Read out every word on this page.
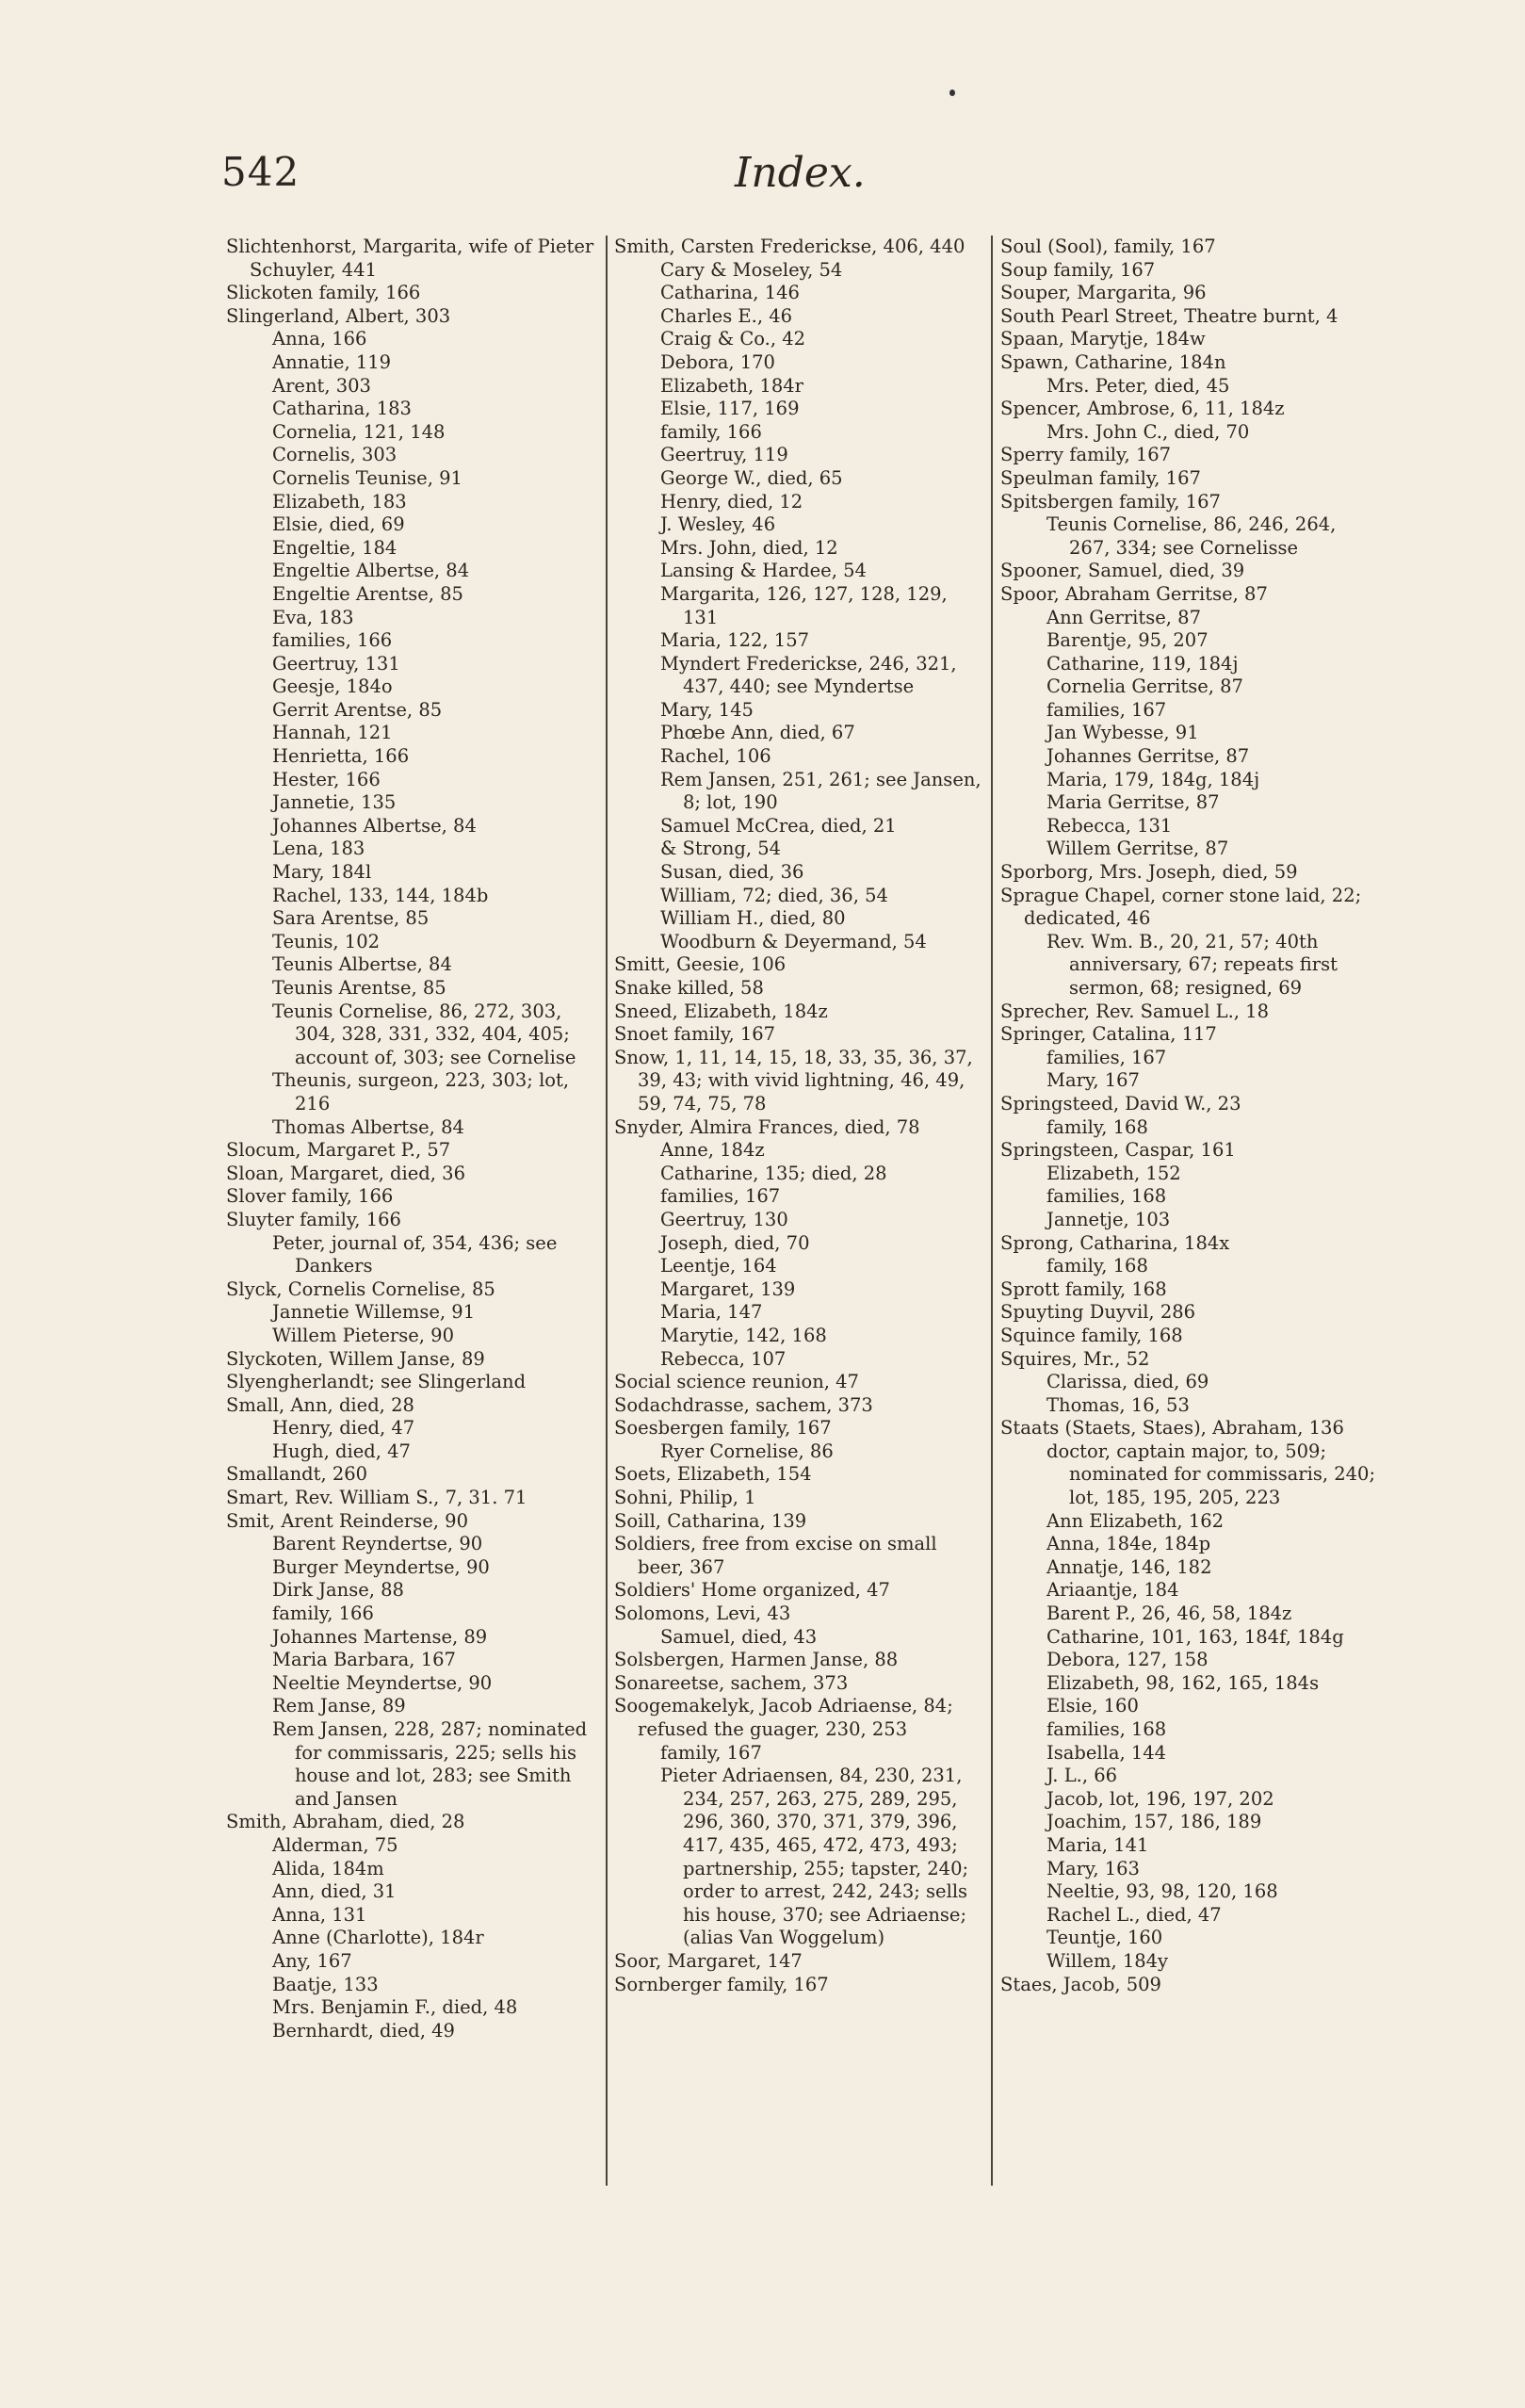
542	Index.
Slichtenhorst, Margarita, wife of Pieter Schuyler, 441
Slickoten family, 166
Slingerland, Albert, 303
Anna, 166
Annatie, 119
Arent, 303
Catharina, 183
Cornelia, 121, 148
Cornelis, 303
Cornelis Teunise, 91
Elizabeth, 183
Elsie, died, 69
Engeltie, 184
Engeltie Albertse, 84
Engeltie Arentse, 85
Eva, 183
families, 166
Geertruy, 131
Geesje, 184o
Gerrit Arentse, 85
Hannah, 121
Henrietta, 166
Hester, 166
Jannetie, 135
Johannes Albertse, 84
Lena, 183
Mary, 184l
Rachel, 133, 144, 184b
Sara Arentse, 85
Teunis, 102
Teunis Albertse, 84
Teunis Arentse, 85
Teunis Cornelise, 86, 272, 303, 304, 328, 331, 332, 404, 405; account of, 303; see Cornelise
Theunis, surgeon, 223, 303; lot, 216
Thomas Albertse, 84
Slocum, Margaret P., 57
Sloan, Margaret, died, 36
Slover family, 166
Sluyter family, 166
Peter, journal of, 354, 436; see Dankers
Slyck, Cornelis Cornelise, 85
Jannetie Willemse, 91
Willem Pieterse, 90
Slyckoten, Willem Janse, 89
Slyengherlandt; see Slingerland
Small, Ann, died, 28
Henry, died, 47
Hugh, died, 47
Smallandt, 260
Smart, Rev. William S., 7, 31. 71
Smit, Arent Reinderse, 90
Barent Reyndertse, 90
Burger Meyndertse, 90
Dirk Janse, 88
family, 166
Johannes Martense, 89
Maria Barbara, 167
Neeltie Meyndertse, 90
Rem Janse, 89
Rem Jansen, 228, 287; nominated for commissaris, 225; sells his house and lot, 283; see Smith and Jansen
Smith, Abraham, died, 28
Alderman, 75
Alida, 184m
Ann, died, 31
Anna, 131
Anne (Charlotte), 184r
Any, 167
Baatje, 133
Mrs. Benjamin F., died, 48
Bernhardt, died, 49
Smith, Carsten Frederickse, 406, 440
Cary & Moseley, 54
Catharina, 146
Charles E., 46
Craig & Co., 42
Debora, 170
Elizabeth, 184r
Elsie, 117, 169
family, 166
Geertruy, 119
George W., died, 65
Henry, died, 12
J. Wesley, 46
Mrs. John, died, 12
Lansing & Hardee, 54
Margarita, 126, 127, 128, 129, 131
Maria, 122, 157
Myndert Frederickse, 246, 321, 437, 440; see Myndertse
Mary, 145
Phœbe Ann, died, 67
Rachel, 106
Rem Jansen, 251, 261; see Jansen, 8; lot, 190
Samuel McCrea, died, 21
& Strong, 54
Susan, died, 36
William, 72; died, 36, 54
William H., died, 80
Woodburn & Deyermand, 54
Smitt, Geesie, 106
Snake killed, 58
Sneed, Elizabeth, 184z
Snoet family, 167
Snow, 1, 11, 14, 15, 18, 33, 35, 36, 37, 39, 43; with vivid lightning, 46, 49, 59, 74, 75, 78
Snyder, Almira Frances, died, 78
Anne, 184z
Catharine, 135; died, 28
families, 167
Geertruy, 130
Joseph, died, 70
Leentje, 164
Margaret, 139
Maria, 147
Marytie, 142, 168
Rebecca, 107
Social science reunion, 47
Sodachdrasse, sachem, 373
Soesbergen family, 167
Ryer Cornelise, 86
Soets, Elizabeth, 154
Sohni, Philip, 1
Soill, Catharina, 139
Soldiers, free from excise on small beer, 367
Soldiers' Home organized, 47
Solomons, Levi, 43
Samuel, died, 43
Solsbergen, Harmen Janse, 88
Sonareetse, sachem, 373
Soogemakelyk, Jacob Adriaense, 84; refused the guager, 230, 253
family, 167
Pieter Adriaensen, 84, 230, 231, 234, 257, 263, 275, 289, 295, 296, 360, 370, 371, 379, 396, 417, 435, 465, 472, 473, 493; partnership, 255; tapster, 240; order to arrest, 242, 243; sells his house, 370; see Adriaense; (alias Van Woggelum)
Soor, Margaret, 147
Sornberger family, 167
Soul (Sool), family, 167
Soup family, 167
Souper, Margarita, 96
South Pearl Street, Theatre burnt, 4
Spaan, Marytje, 184w
Spawn, Catharine, 184n
Mrs. Peter, died, 45
Spencer, Ambrose, 6, 11, 184z
Mrs. John C., died, 70
Sperry family, 167
Speulman family, 167
Spitsbergen family, 167
Teunis Cornelise, 86, 246, 264, 267, 334; see Cornelisse
Spooner, Samuel, died, 39
Spoor, Abraham Gerritse, 87
Ann Gerritse, 87
Barentje, 95, 207
Catharine, 119, 184j
Cornelia Gerritse, 87
families, 167
Jan Wybesse, 91
Johannes Gerritse, 87
Maria, 179, 184g, 184j
Maria Gerritse, 87
Rebecca, 131
Willem Gerritse, 87
Sporborg, Mrs. Joseph, died, 59
Sprague Chapel, corner stone laid, 22; dedicated, 46
Rev. Wm. B., 20, 21, 57; 40th anniversary, 67; repeats first sermon, 68; resigned, 69
Sprecher, Rev. Samuel L., 18
Springer, Catalina, 117
families, 167
Mary, 167
Springsteed, David W., 23
family, 168
Springsteen, Caspar, 161
Elizabeth, 152
families, 168
Jannetje, 103
Sprong, Catharina, 184x
family, 168
Sprott family, 168
Spuyting Duyvil, 286
Squince family, 168
Squires, Mr., 52
Clarissa, died, 69
Thomas, 16, 53
Staats (Staets, Staes), Abraham, 136
doctor, captain major, to, 509; nominated for commissaris, 240; lot, 185, 195, 205, 223
Ann Elizabeth, 162
Anna, 184e, 184p
Annatje, 146, 182
Ariaantje, 184
Barent P., 26, 46, 58, 184z
Catharine, 101, 163, 184f, 184g
Debora, 127, 158
Elizabeth, 98, 162, 165, 184s
Elsie, 160
families, 168
Isabella, 144
J. L., 66
Jacob, lot, 196, 197, 202
Joachim, 157, 186, 189
Maria, 141
Mary, 163
Neeltie, 93, 98, 120, 168
Rachel L., died, 47
Teuntje, 160
Willem, 184y
Staes, Jacob, 509
